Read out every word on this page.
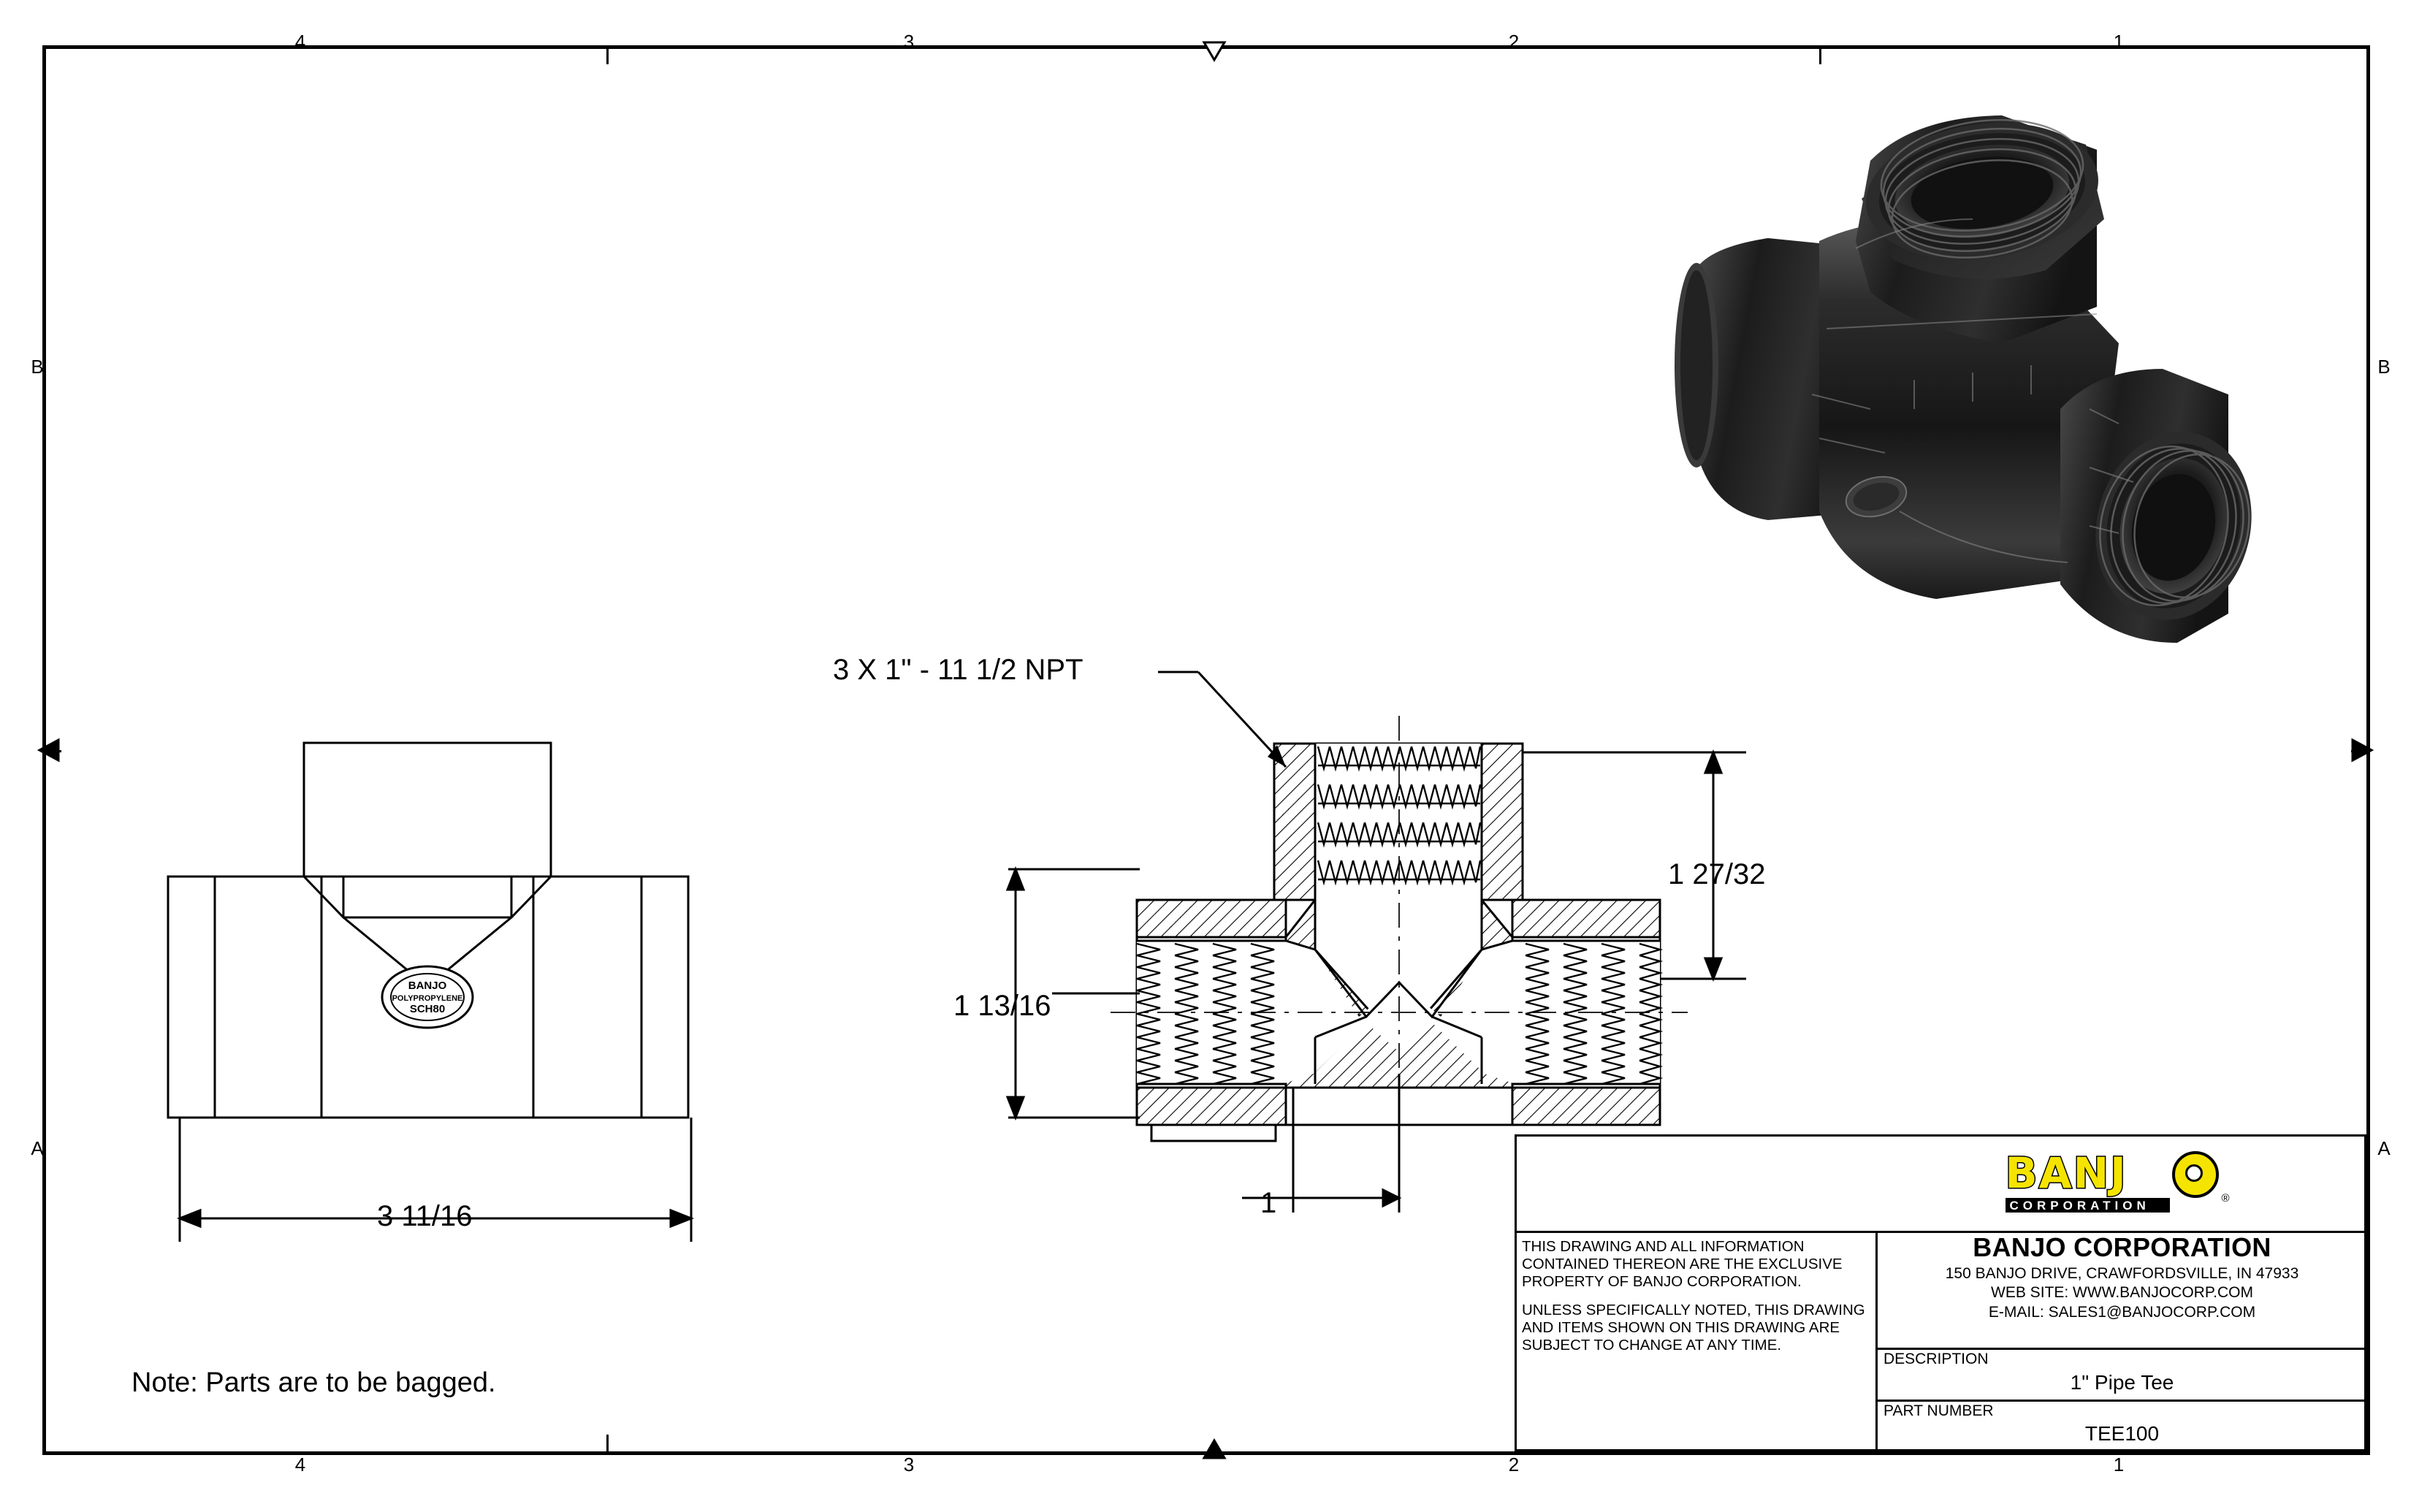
4	3	2	1
4	3	2	1
B
A
B
A
BANJO
POLYPROPYLENE
SCH80
3 11/16
Note: Parts are to be bagged.
3 X 1" - 11 1/2 NPT
1 27/32
1 13/16
1

THIS DRAWING AND ALL INFORMATION CONTAINED THEREON ARE THE EXCLUSIVE PROPERTY OF BANJO CORPORATION.

UNLESS SPECIFICALLY NOTED, THIS DRAWING AND ITEMS SHOWN ON THIS DRAWING ARE SUBJECT TO CHANGE AT ANY TIME.

BANJ
CORPORATION
®
BANJO CORPORATION
150 BANJO DRIVE, CRAWFORDSVILLE, IN 47933
WEB SITE: WWW.BANJOCORP.COM
E-MAIL: SALES1@BANJOCORP.COM
DESCRIPTION
1" Pipe Tee
PART NUMBER
TEE100
